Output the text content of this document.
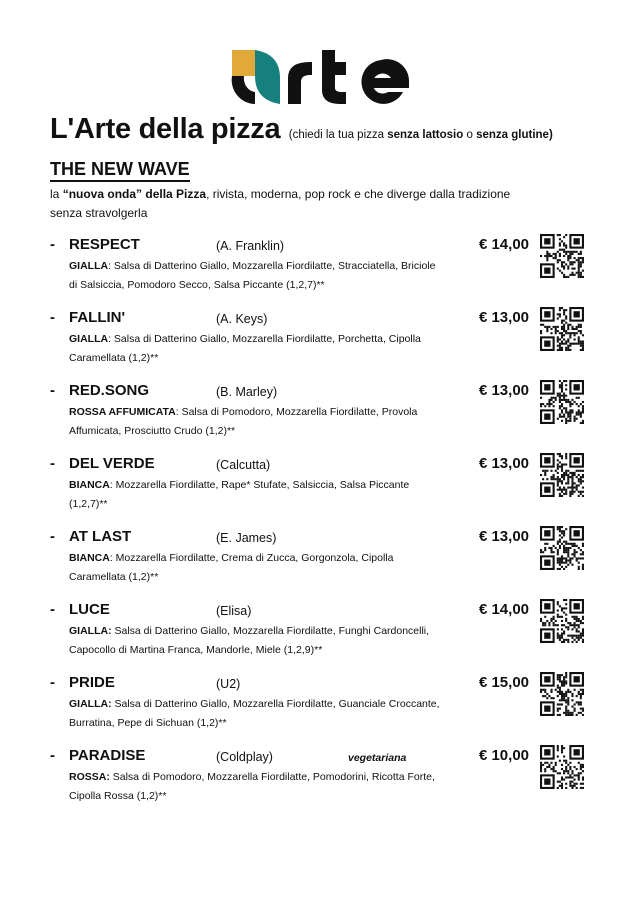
L'Arte della pizza (chiedi la tua pizza senza lattosio o senza glutine)
THE NEW WAVE
la “nuova onda” della Pizza, rivista, moderna, pop rock e che diverge dalla tradizione senza stravolgerla
- RESPECT	(A. Franklin)	€ 14,00
GIALLA: Salsa di Datterino Giallo, Mozzarella Fiordilatte, Stracciatella, Briciole di Salsiccia, Pomodoro Secco, Salsa Piccante (1,2,7)**
- FALLIN'	(A. Keys)	€ 13,00
GIALLA: Salsa di Datterino Giallo, Mozzarella Fiordilatte, Porchetta, Cipolla Caramellata (1,2)**
- RED.SONG	(B. Marley)	€ 13,00
ROSSA AFFUMICATA: Salsa di Pomodoro, Mozzarella Fiordilatte, Provola Affumicata, Prosciutto Crudo (1,2)**
- DEL VERDE	(Calcutta)	€ 13,00
BIANCA: Mozzarella Fiordilatte, Rape* Stufate, Salsiccia, Salsa Piccante (1,2,7)**
- AT LAST	(E. James)	€ 13,00
BIANCA: Mozzarella Fiordilatte, Crema di Zucca, Gorgonzola, Cipolla Caramellata (1,2)**
- LUCE	(Elisa)	€ 14,00
GIALLA: Salsa di Datterino Giallo, Mozzarella Fiordilatte, Funghi Cardoncelli, Capocollo di Martina Franca, Mandorle, Miele (1,2,9)**
- PRIDE	(U2)	€ 15,00
GIALLA: Salsa di Datterino Giallo, Mozzarella Fiordilatte, Guanciale Croccante, Burratina, Pepe di Sichuan (1,2)**
- PARADISE	(Coldplay)	vegetariana	€ 10,00
ROSSA: Salsa di Pomodoro, Mozzarella Fiordilatte, Pomodorini, Ricotta Forte, Cipolla Rossa (1,2)**
